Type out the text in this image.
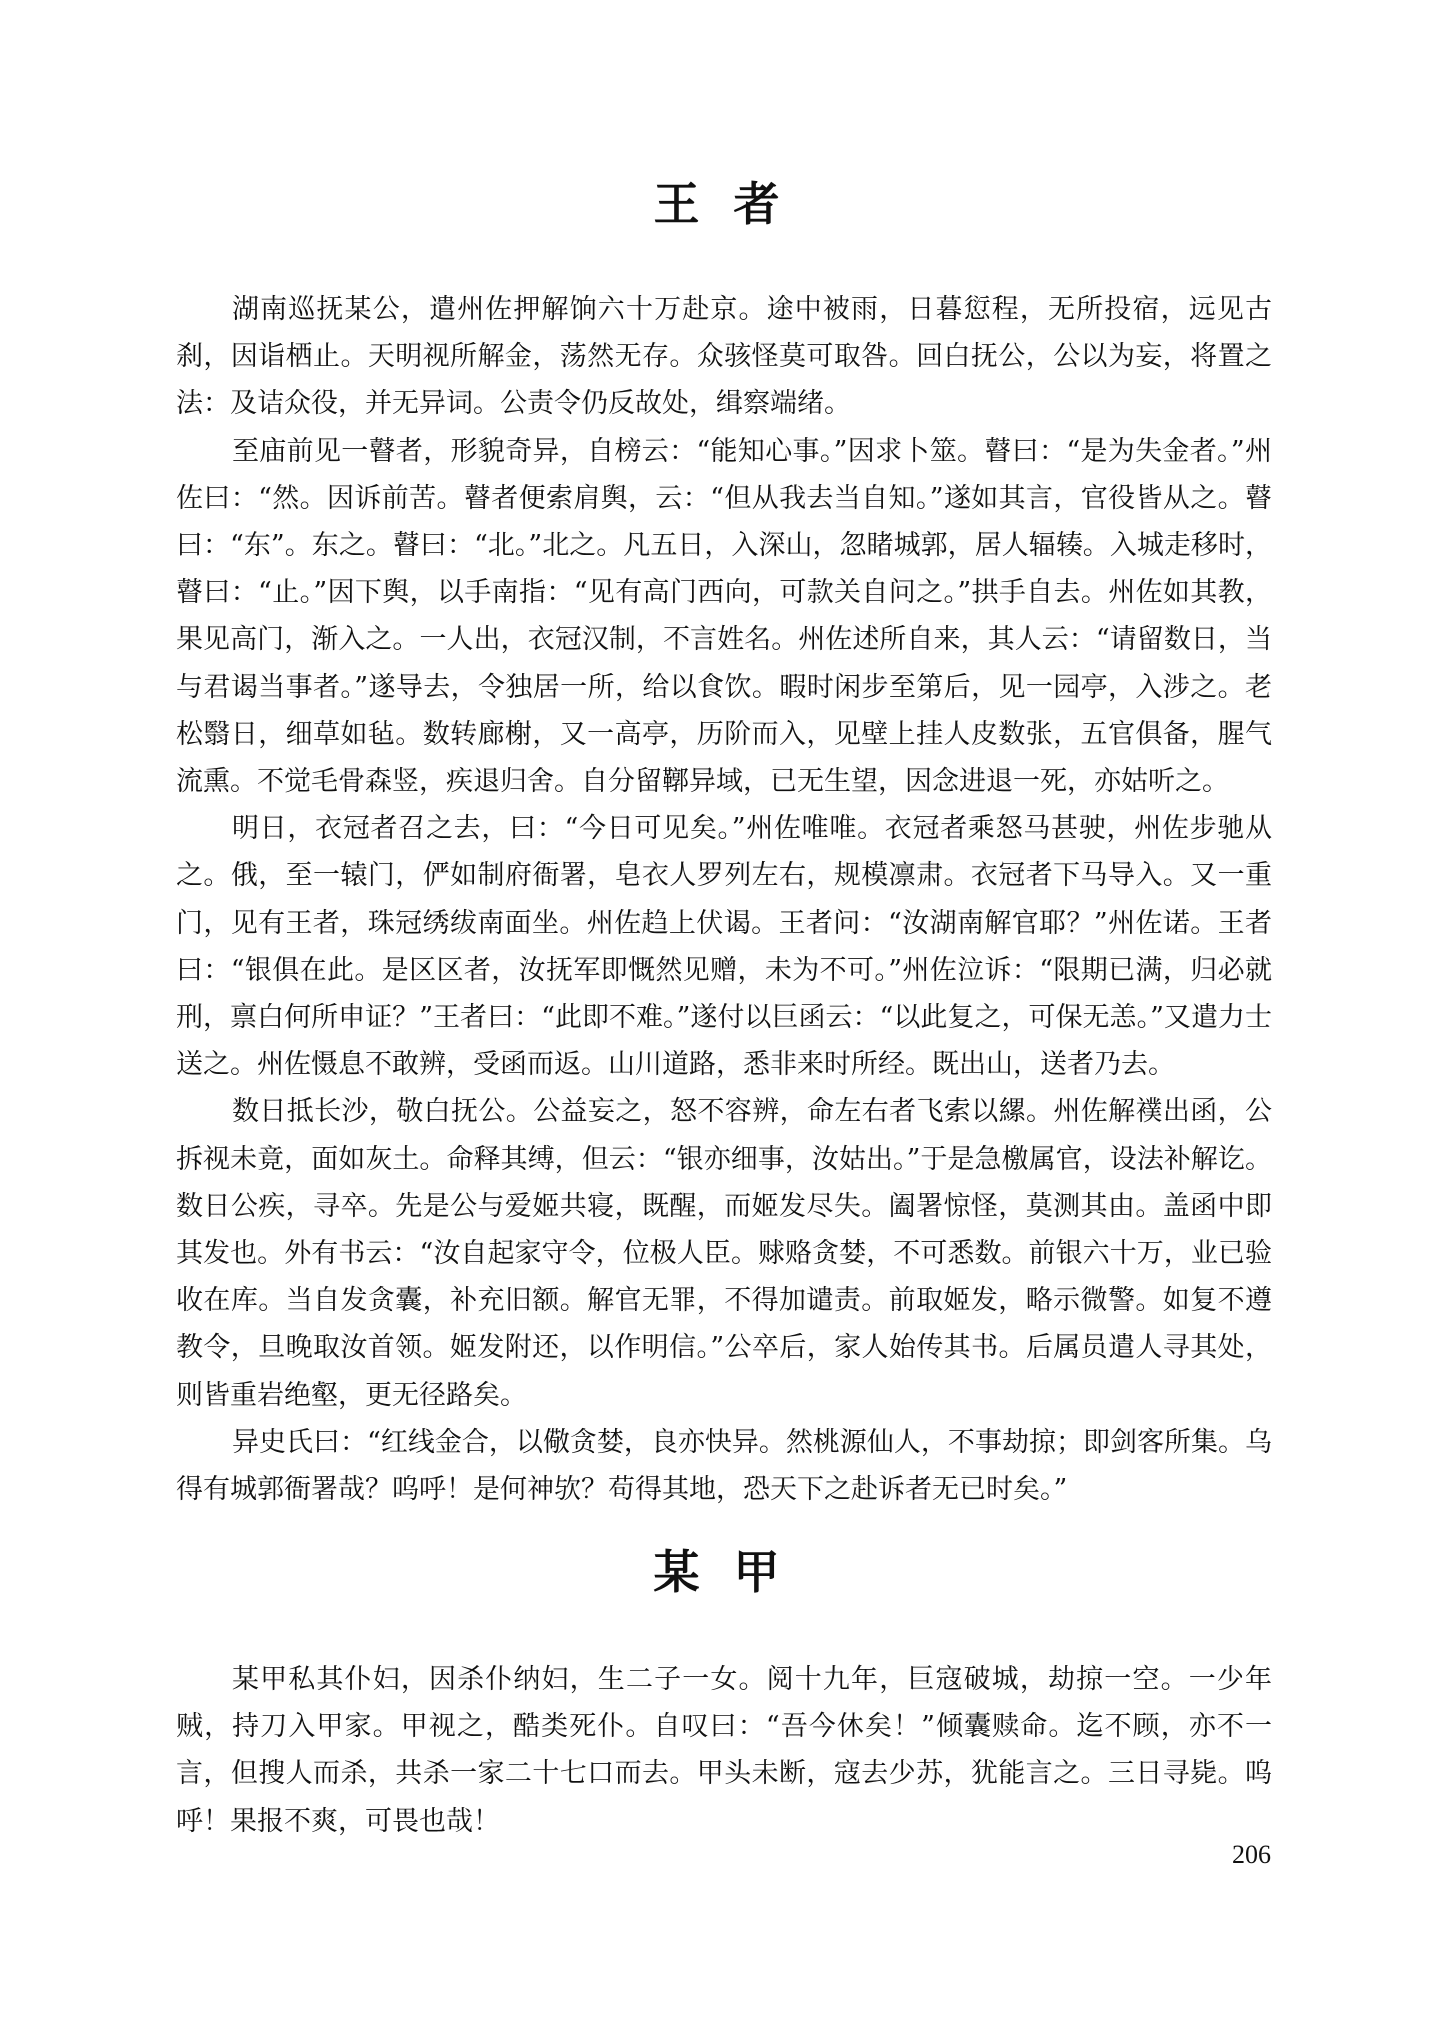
王者

湖南巡抚某公，遣州佐押解饷六十万赴京。途中被雨，日暮愆程，无所投宿，远见古刹，因诣栖止。天明视所解金，荡然无存。众骇怪莫可取咎。回白抚公，公以为妄，将置之法：及诘众役，并无异词。公责令仍反故处，缉察端绪。

至庙前见一瞽者，形貌奇异，自榜云：“能知心事。”因求卜筮。瞽曰：“是为失金者。”州佐曰：“然。因诉前苦。瞽者便索肩舆，云：“但从我去当自知。”遂如其言，官役皆从之。瞽曰：“东”。东之。瞽曰：“北。”北之。凡五日，入深山，忽睹城郭，居人辐辏。入城走移时，瞽曰：“止。”因下舆，以手南指：“见有高门西向，可款关自问之。”拱手自去。州佐如其教，果见高门，渐入之。一人出，衣冠汉制，不言姓名。州佐述所自来，其人云：“请留数日，当与君谒当事者。”遂导去，令独居一所，给以食饮。暇时闲步至第后，见一园亭，入涉之。老松翳日，细草如毡。数转廊榭，又一高亭，历阶而入，见壁上挂人皮数张，五官俱备，腥气流熏。不觉毛骨森竖，疾退归舍。自分留鞹异域，已无生望，因念进退一死，亦姑听之。

明日，衣冠者召之去，曰：“今日可见矣。”州佐唯唯。衣冠者乘怒马甚驶，州佐步驰从之。俄，至一辕门，俨如制府衙署，皂衣人罗列左右，规模凛肃。衣冠者下马导入。又一重门，见有王者，珠冠绣绂南面坐。州佐趋上伏谒。王者问：“汝湖南解官耶？”州佐诺。王者曰：“银俱在此。是区区者，汝抚军即慨然见赠，未为不可。”州佐泣诉：“限期已满，归必就刑，禀白何所申证？”王者曰：“此即不难。”遂付以巨函云：“以此复之，可保无恙。”又遣力士送之。州佐慑息不敢辨，受函而返。山川道路，悉非来时所经。既出山，送者乃去。

数日抵长沙，敬白抚公。公益妄之，怒不容辨，命左右者飞索以縲。州佐解襆出函，公拆视未竟，面如灰土。命释其缚，但云：“银亦细事，汝姑出。”于是急檄属官，设法补解讫。数日公疾，寻卒。先是公与爱姬共寝，既醒，而姬发尽失。阖署惊怪，莫测其由。盖函中即其发也。外有书云：“汝自起家守令，位极人臣。赇赂贪婪，不可悉数。前银六十万，业已验收在库。当自发贪囊，补充旧额。解官无罪，不得加谴责。前取姬发，略示微警。如复不遵教令，旦晚取汝首领。姬发附还，以作明信。”公卒后，家人始传其书。后属员遣人寻其处，则皆重岩绝壑，更无径路矣。

异史氏曰：“红线金合，以儆贪婪，良亦快异。然桃源仙人，不事劫掠；即剑客所集。乌得有城郭衙署哉？呜呼！是何神欤？苟得其地，恐天下之赴诉者无已时矣。”

某甲

某甲私其仆妇，因杀仆纳妇，生二子一女。阅十九年，巨寇破城，劫掠一空。一少年贼，持刀入甲家。甲视之，酷类死仆。自叹曰：“吾今休矣！”倾囊赎命。迄不顾，亦不一言，但搜人而杀，共杀一家二十七口而去。甲头未断，寇去少苏，犹能言之。三日寻毙。呜呼！果报不爽，可畏也哉！

206
